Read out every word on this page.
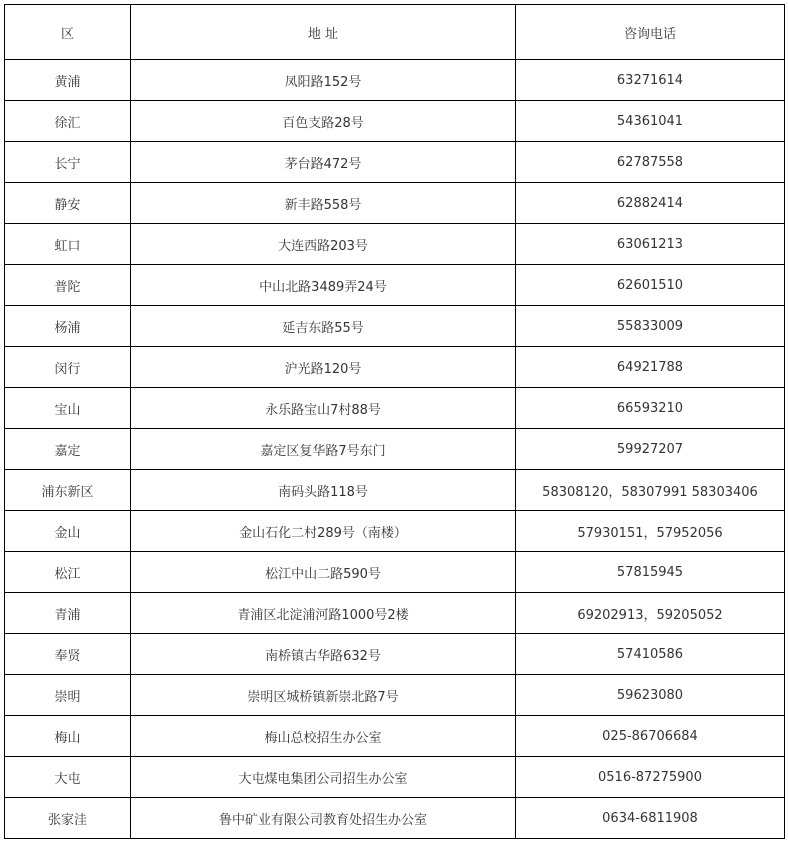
区	地 址	咨询电话
黄浦	凤阳路152号	63271614
徐汇	百色支路28号	54361041
长宁	茅台路472号	62787558
静安	新丰路558号	62882414
虹口	大连西路203号	63061213
普陀	中山北路3489弄24号	62601510
杨浦	延吉东路55号	55833009
闵行	沪光路120号	64921788
宝山	永乐路宝山7村88号	66593210
嘉定	嘉定区复华路7号东门	59927207
浦东新区	南码头路118号	58308120，58307991 58303406
金山	金山石化二村289号（南楼）	57930151，57952056
松江	松江中山二路590号	57815945
青浦	青浦区北淀浦河路1000号2楼	69202913，59205052
奉贤	南桥镇古华路632号	57410586
崇明	崇明区城桥镇新崇北路7号	59623080
梅山	梅山总校招生办公室	025-86706684
大屯	大屯煤电集团公司招生办公室	0516-87275900
张家洼	鲁中矿业有限公司教育处招生办公室	0634-6811908
